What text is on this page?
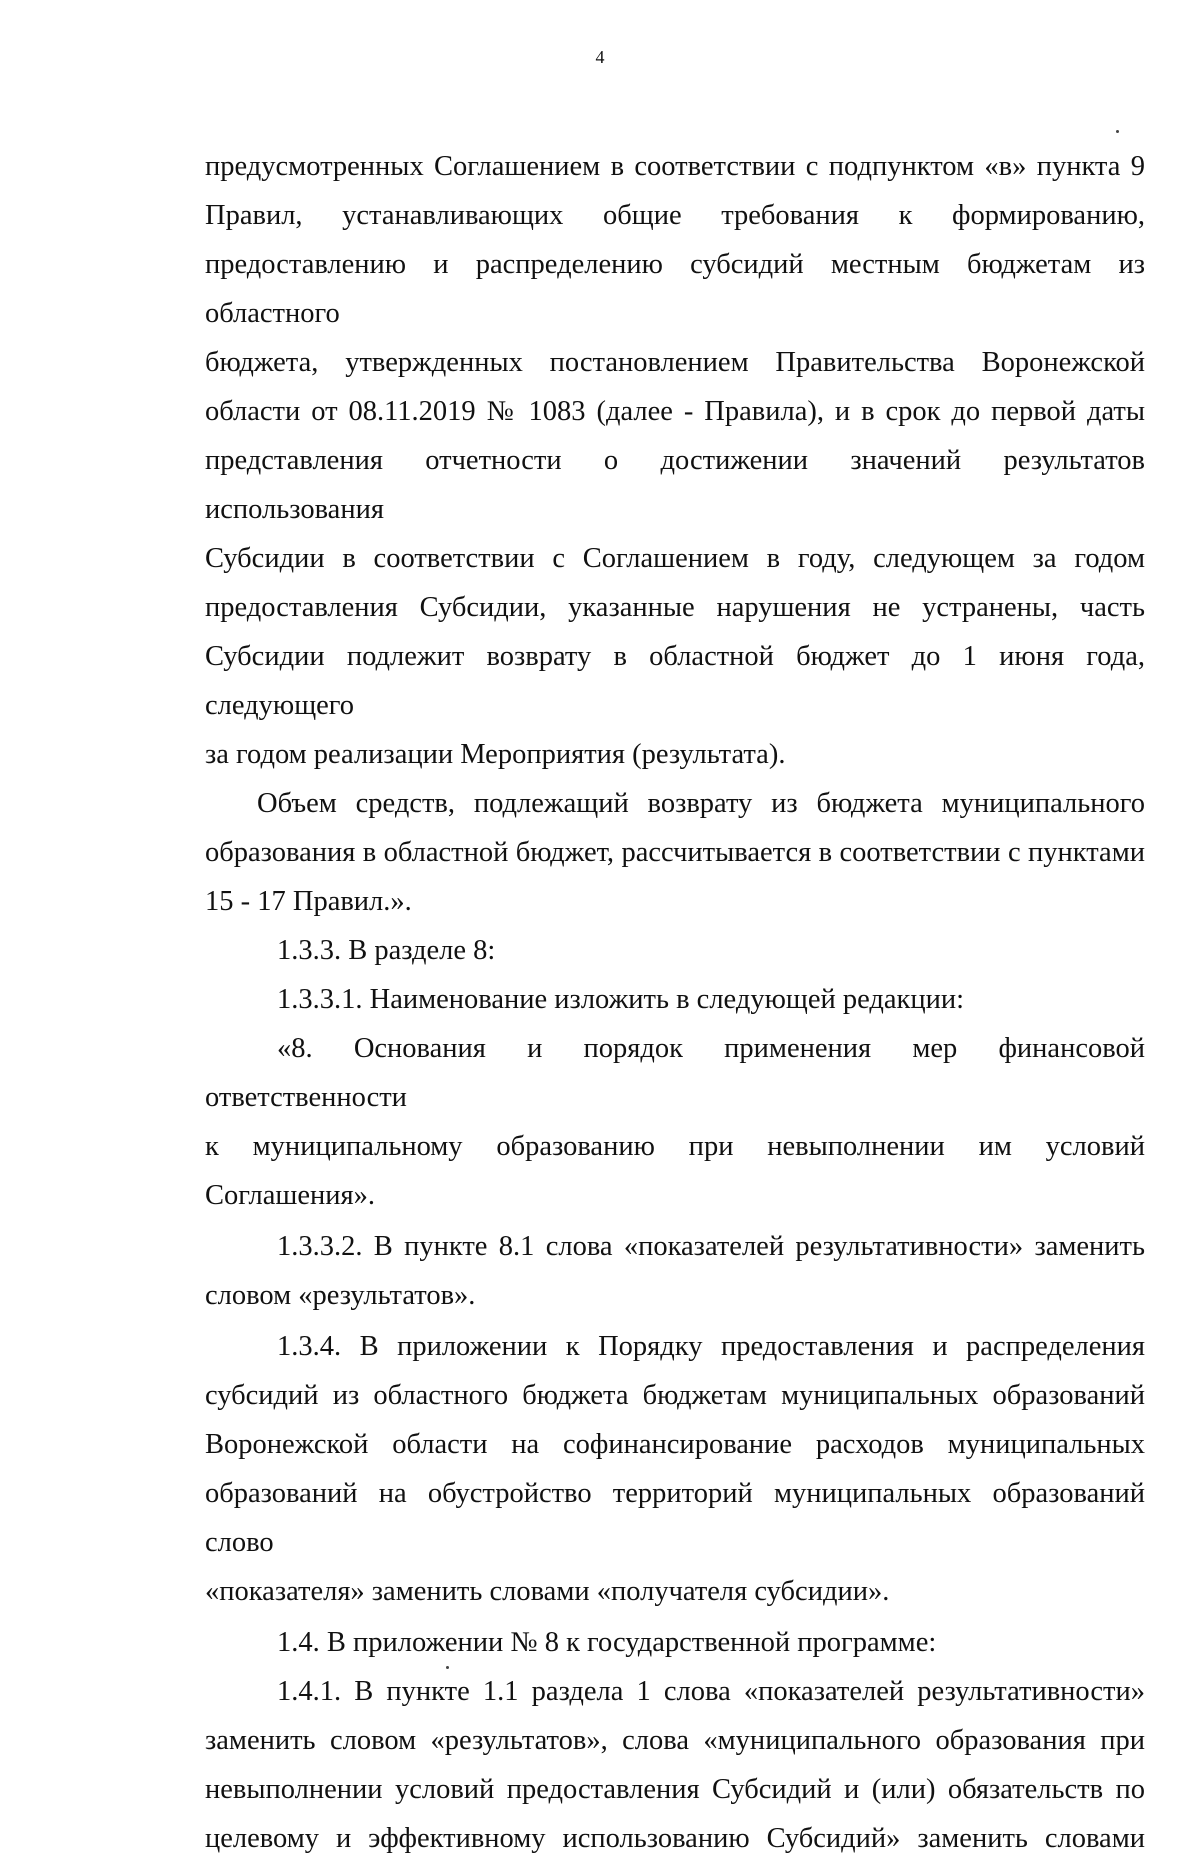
4

предусмотренных Соглашением в соответствии с подпунктом «в» пункта 9

Правил, устанавливающих общие требования к формированию,

предоставлению и распределению субсидий местным бюджетам из областного

бюджета, утвержденных постановлением Правительства Воронежской

области от 08.11.2019 № 1083 (далее - Правила), и в срок до первой даты

представления отчетности о достижении значений результатов использования

Субсидии в соответствии с Соглашением в году, следующем за годом

предоставления Субсидии, указанные нарушения не устранены, часть

Субсидии подлежит возврату в областной бюджет до 1 июня года, следующего

за годом реализации Мероприятия (результата).

Объем средств, подлежащий возврату из бюджета муниципального

образования в областной бюджет, рассчитывается в соответствии с пунктами

15 - 17 Правил.».

1.3.3. В разделе 8:

1.3.3.1. Наименование изложить в следующей редакции:

«8. Основания и порядок применения мер финансовой ответственности

к муниципальному образованию при невыполнении им условий Соглашения».

1.3.3.2. В пункте 8.1 слова «показателей результативности» заменить

словом «результатов».

1.3.4. В приложении к Порядку предоставления и распределения

субсидий из областного бюджета бюджетам муниципальных образований

Воронежской области на софинансирование расходов муниципальных

образований на обустройство территорий муниципальных образований слово

«показателя» заменить словами «получателя субсидии».

1.4. В приложении № 8 к государственной программе:

1.4.1. В пункте 1.1 раздела 1 слова «показателей результативности»

заменить словом «результатов», слова «муниципального образования при

невыполнении условий предоставления Субсидий и (или) обязательств по

целевому и эффективному использованию Субсидий» заменить словами
